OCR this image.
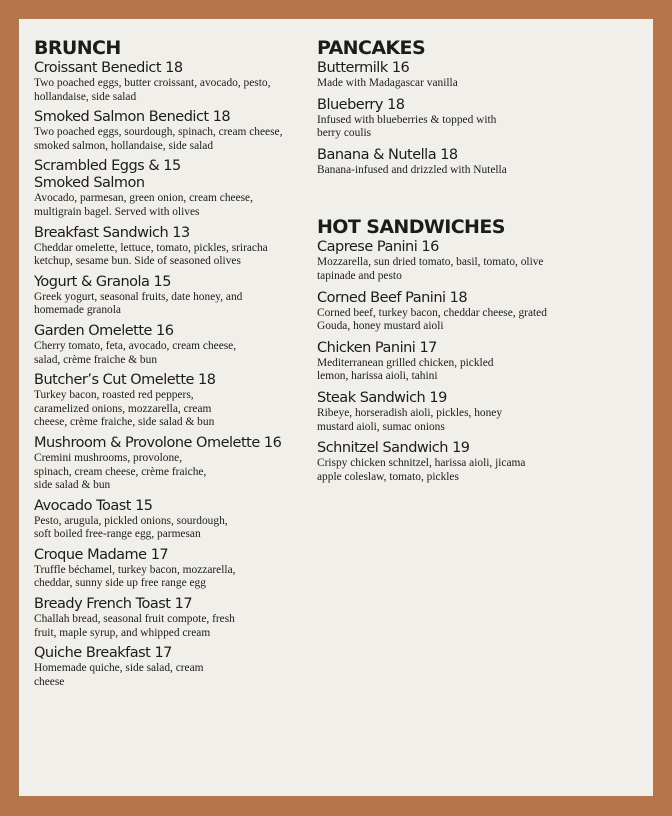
BRUNCH
Croissant Benedict 18
Two poached eggs, butter croissant, avocado, pesto, hollandaise, side salad
Smoked Salmon Benedict 18
Two poached eggs, sourdough, spinach, cream cheese, smoked salmon, hollandaise, side salad
Scrambled Eggs & 15 Smoked Salmon
Avocado, parmesan, green onion, cream cheese, multigrain bagel. Served with olives
Breakfast Sandwich 13
Cheddar omelette, lettuce, tomato, pickles, sriracha ketchup, sesame bun. Side of seasoned olives
Yogurt & Granola 15
Greek yogurt, seasonal fruits, date honey, and homemade granola
Garden Omelette 16
Cherry tomato, feta, avocado, cream cheese, salad, crème fraiche & bun
Butcher’s Cut Omelette 18
Turkey bacon, roasted red peppers, caramelized onions, mozzarella, cream cheese, crème fraiche, side salad & bun
Mushroom & Provolone Omelette 16
Cremini mushrooms, provolone, spinach, cream cheese, crème fraiche, side salad & bun
Avocado Toast 15
Pesto, arugula, pickled onions, sourdough, soft boiled free-range egg, parmesan
Croque Madame 17
Truffle béchamel, turkey bacon, mozzarella, cheddar, sunny side up free range egg
Bready French Toast 17
Challah bread, seasonal fruit compote, fresh fruit, maple syrup, and whipped cream
Quiche Breakfast 17
Homemade quiche, side salad, cream cheese
PANCAKES
Buttermilk 16
Made with Madagascar vanilla
Blueberry 18
Infused with blueberries & topped with berry coulis
Banana & Nutella 18
Banana-infused and drizzled with Nutella
HOT SANDWICHES
Caprese Panini 16
Mozzarella, sun dried tomato, basil, tomato, olive tapinade and pesto
Corned Beef Panini 18
Corned beef, turkey bacon, cheddar cheese, grated Gouda, honey mustard aioli
Chicken Panini 17
Mediterranean grilled chicken, pickled lemon, harissa aioli, tahini
Steak Sandwich 19
Ribeye, horseradish aioli, pickles, honey mustard aioli, sumac onions
Schnitzel Sandwich 19
Crispy chicken schnitzel, harissa aioli, jicama apple coleslaw, tomato, pickles
